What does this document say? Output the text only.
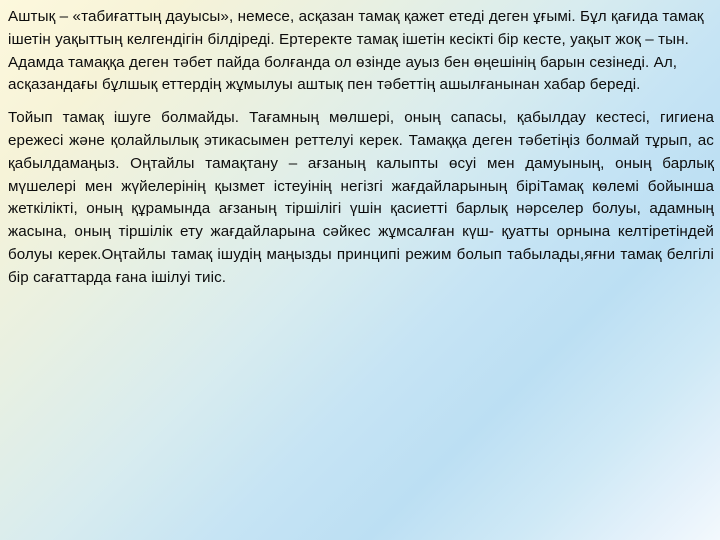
Аштық – «табиғаттың дауысы», немесе, асқазан тамақ қажет етеді деген ұғымі. Бұл қағида тамақ ішетін уақыттың келгендігін білдіреді. Ертеректе тамақ ішетін кесікті бір кесте, уақыт жоқ – тын. Адамда тамаққа деген тәбет пайда болғанда ол өзінде ауыз бен өңешінің барын сезінеді. Ал, асқазандағы бұлшық еттердің жұмылуы аштық пен тәбеттің ашылғанынан хабар береді.

Тойып тамақ ішуге болмайды. Тағамның мөлшері, оның сапасы, қабылдау кестесі, гигиена ережесі және қолайлылық этикасымен реттелуі керек. Тамаққа деген тәбетіңіз болмай тұрып, ас қабылдамаңыз. Оңтайлы тамақтану – ағзаның калыпты өсуі мен дамуының, оның барлық мүшелері мен жүйелерінің қызмет істеуінің негізгі жағдайларының біріТамақ көлемі бойынша жеткілікті, оның құрамында ағзаның тіршілігі үшін қасиетті барлық нәрселер болуы, адамның жасына, оның тіршілік ету жағдайларына сәйкес жұмсалған күш- қуатты орнына келтіретіндей болуы керек.Оңтайлы тамақ ішудің маңызды принципі режим болып табылады,яғни тамақ белгілі бір сағаттарда ғана ішілуі тиіс.
